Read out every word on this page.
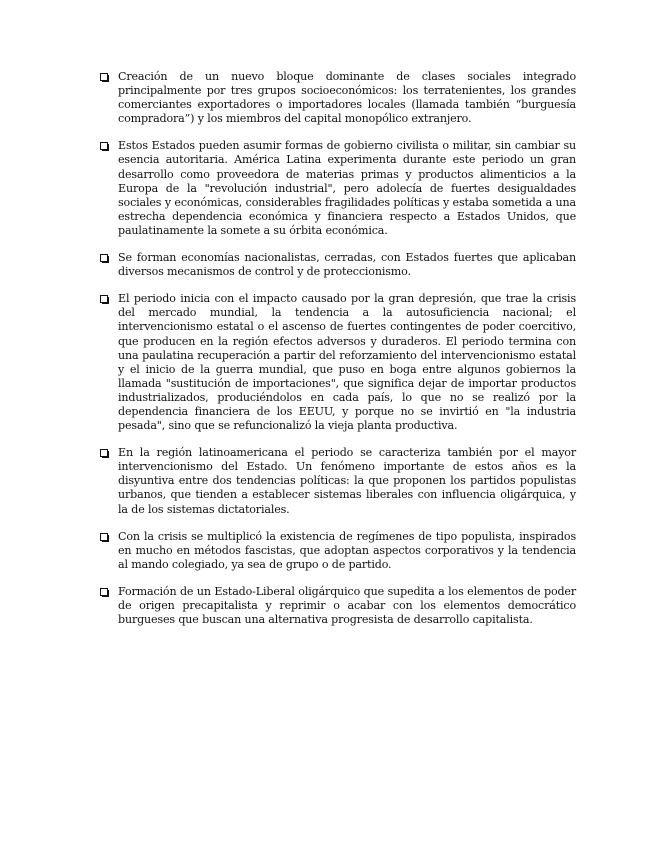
Creación de un nuevo bloque dominante de clases sociales integrado principalmente por tres grupos socioeconómicos: los terratenientes, los grandes comerciantes exportadores o importadores locales (llamada también “burguesía compradora”) y los miembros del capital monopólico extranjero.
Estos Estados pueden asumir formas de gobierno civilista o militar, sin cambiar su esencia autoritaria. América Latina experimenta durante este periodo un gran desarrollo como proveedora de materias primas y productos alimenticios a la Europa de la "revolución industrial", pero adolecía de fuertes desigualdades sociales y económicas, considerables fragilidades políticas y estaba sometida a una estrecha dependencia económica y financiera respecto a Estados Unidos, que paulatinamente la somete a su órbita económica.
Se forman economías nacionalistas, cerradas, con Estados fuertes que aplicaban diversos mecanismos de control y de proteccionismo.
El periodo inicia con el impacto causado por la gran depresión, que trae la crisis del mercado mundial, la tendencia a la autosuficiencia nacional; el intervencionismo estatal o el ascenso de fuertes contingentes de poder coercitivo, que producen en la región efectos adversos y duraderos. El periodo termina con una paulatina recuperación a partir del reforzamiento del intervencionismo estatal y el inicio de la guerra mundial, que puso en boga entre algunos gobiernos la llamada "sustitución de importaciones", que significa dejar de importar productos industrializados, produciéndolos en cada país, lo que no se realizó por la dependencia financiera de los EEUU, y porque no se invirtió en "la industria pesada", sino que se refuncionalizó la vieja planta productiva.
En la región latinoamericana el periodo se caracteriza también por el mayor intervencionismo del Estado. Un fenómeno importante de estos años es la disyuntiva entre dos tendencias políticas: la que proponen los partidos populistas urbanos, que tienden a establecer sistemas liberales con influencia oligárquica, y la de los sistemas dictatoriales.
Con la crisis se multiplicó la existencia de regímenes de tipo populista, inspirados en mucho en métodos fascistas, que adoptan aspectos corporativos y la tendencia al mando colegiado, ya sea de grupo o de partido.
Formación de un Estado-Liberal oligárquico que supedita a los elementos de poder de origen precapitalista y reprimir o acabar con los elementos democrático burgueses que buscan una alternativa progresista de desarrollo capitalista.
